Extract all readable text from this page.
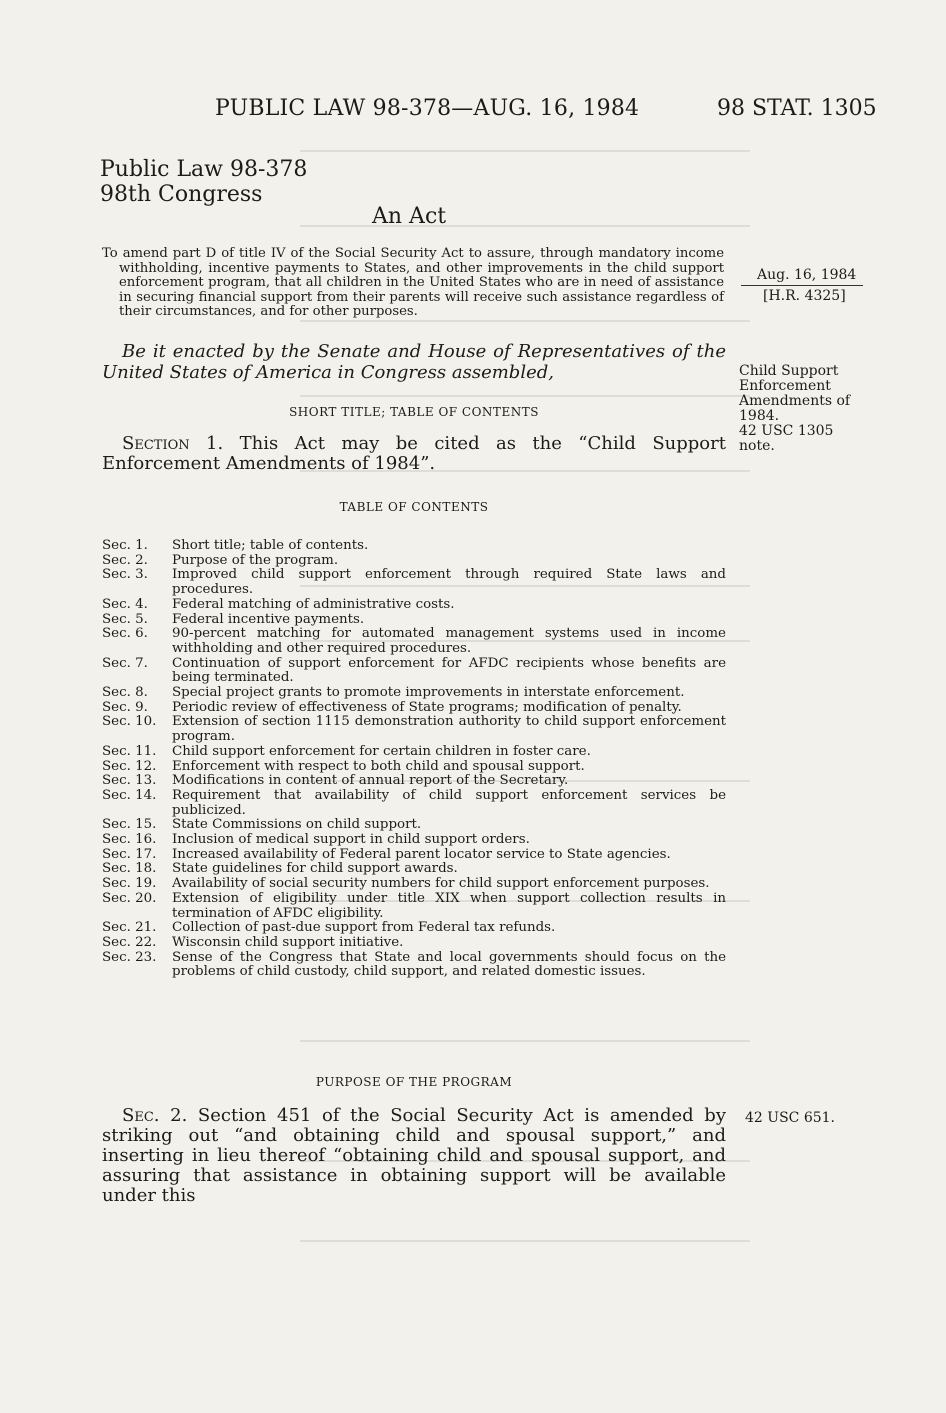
PUBLIC LAW 98-378—AUG. 16, 1984	98 STAT. 1305
Public Law 98-378
98th Congress
An Act

To amend part D of title IV of the Social Security Act to assure, through mandatory income withholding, incentive payments to States, and other improvements in the child support enforcement program, that all children in the United States who are in need of assistance in securing financial support from their parents will receive such assistance regardless of their circumstances, and for other purposes.

Aug. 16, 1984
[H.R. 4325]

Be it enacted by the Senate and House of Representatives of the United States of America in Congress assembled,	Child Support Enforcement Amendments of 1984.
42 USC 1305 note.
SHORT TITLE; TABLE OF CONTENTS

Section 1. This Act may be cited as the “Child Support Enforcement Amendments of 1984”.

TABLE OF CONTENTS
Sec. 1.	Short title; table of contents.
Sec. 2.	Purpose of the program.
Sec. 3.	Improved child support enforcement through required State laws and procedures.
Sec. 4.	Federal matching of administrative costs.
Sec. 5.	Federal incentive payments.
Sec. 6.	90-percent matching for automated management systems used in income withholding and other required procedures.
Sec. 7.	Continuation of support enforcement for AFDC recipients whose benefits are being terminated.
Sec. 8.	Special project grants to promote improvements in interstate enforcement.
Sec. 9.	Periodic review of effectiveness of State programs; modification of penalty.
Sec. 10.	Extension of section 1115 demonstration authority to child support enforcement program.
Sec. 11.	Child support enforcement for certain children in foster care.
Sec. 12.	Enforcement with respect to both child and spousal support.
Sec. 13.	Modifications in content of annual report of the Secretary.
Sec. 14.	Requirement that availability of child support enforcement services be publicized.
Sec. 15.	State Commissions on child support.
Sec. 16.	Inclusion of medical support in child support orders.
Sec. 17.	Increased availability of Federal parent locator service to State agencies.
Sec. 18.	State guidelines for child support awards.
Sec. 19.	Availability of social security numbers for child support enforcement purposes.
Sec. 20.	Extension of eligibility under title XIX when support collection results in termination of AFDC eligibility.
Sec. 21.	Collection of past-due support from Federal tax refunds.
Sec. 22.	Wisconsin child support initiative.
Sec. 23.	Sense of the Congress that State and local governments should focus on the problems of child custody, child support, and related domestic issues.
PURPOSE OF THE PROGRAM

Sec. 2. Section 451 of the Social Security Act is amended by striking out “and obtaining child and spousal support,” and inserting in lieu thereof “obtaining child and spousal support, and assuring that assistance in obtaining support will be available under this

42 USC 651.
